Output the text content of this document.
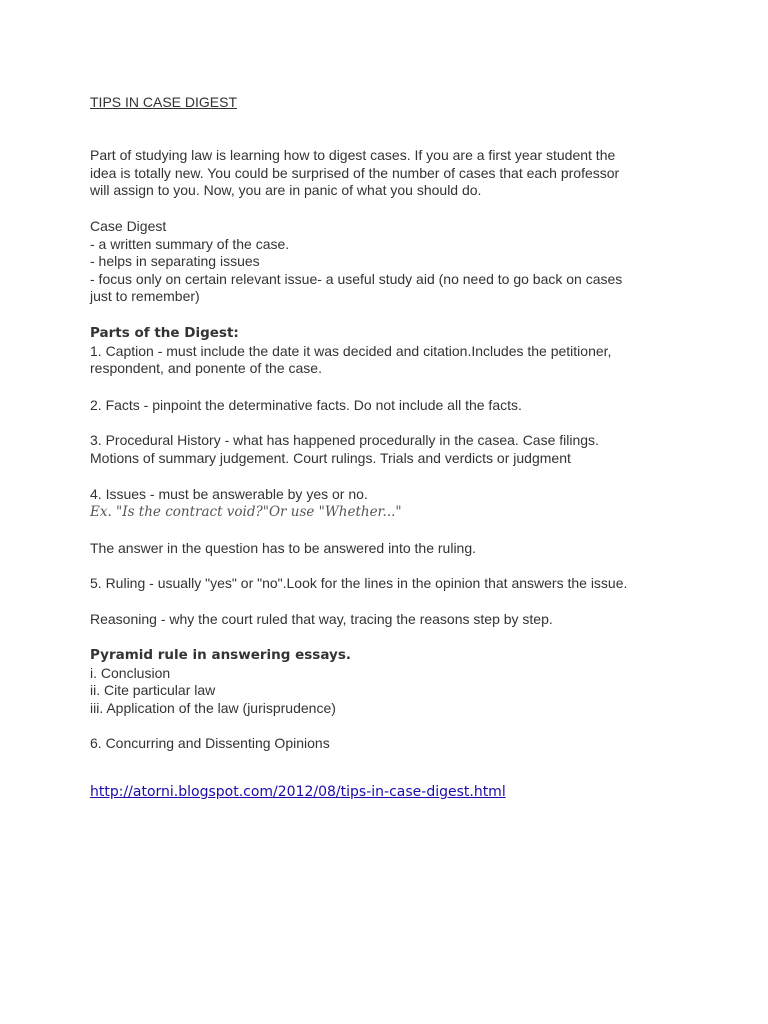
TIPS IN CASE DIGEST
Part of studying law is learning how to digest cases. If you are a first year student the
idea is totally new. You could be surprised of the number of cases that each professor
will assign to you. Now, you are in panic of what you should do.
Case Digest
- a written summary of the case.
- helps in separating issues
- focus only on certain relevant issue- a useful study aid (no need to go back on cases
just to remember)
Parts of the Digest:
1. Caption - must include the date it was decided and citation.Includes the petitioner,
respondent, and ponente of the case.
2. Facts - pinpoint the determinative facts. Do not include all the facts.
3. Procedural History - what has happened procedurally in the casea. Case filings.
Motions of summary judgement. Court rulings. Trials and verdicts or judgment
4. Issues - must be answerable by yes or no.
Ex. "Is the contract void?"Or use "Whether..."
The answer in the question has to be answered into the ruling.
5. Ruling - usually "yes" or "no".Look for the lines in the opinion that answers the issue.
Reasoning - why the court ruled that way, tracing the reasons step by step.
Pyramid rule in answering essays.
i. Conclusion
ii. Cite particular law
iii. Application of the law (jurisprudence)
6. Concurring and Dissenting Opinions
http://atorni.blogspot.com/2012/08/tips-in-case-digest.html
